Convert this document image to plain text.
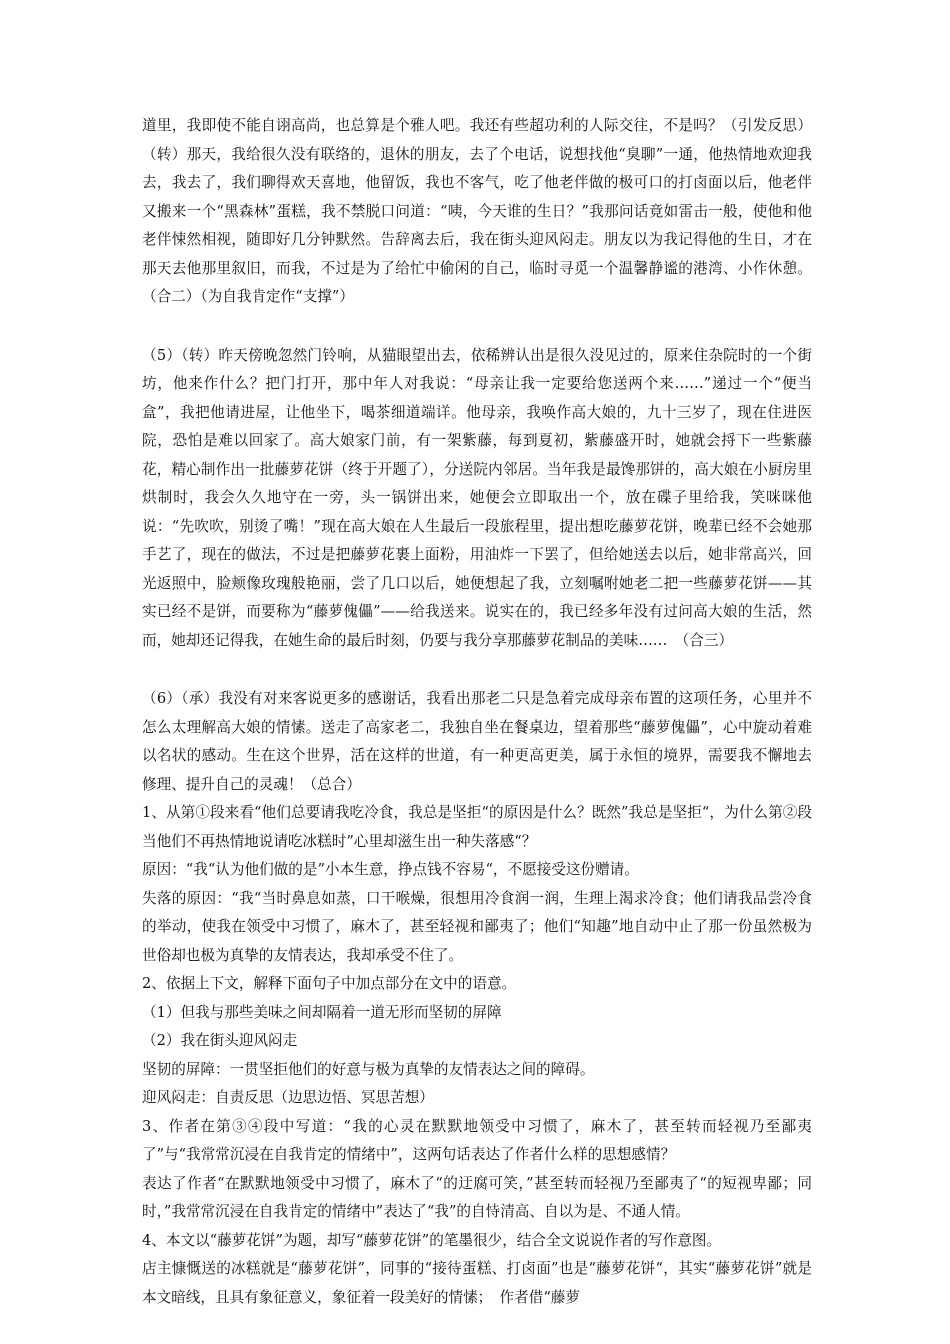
道里，我即使不能自诩高尚，也总算是个雅人吧。我还有些超功利的人际交往，不是吗？（引发反思）（转）那天，我给很久没有联络的，退休的朋友，去了个电话，说想找他“臭聊”一通，他热情地欢迎我去，我去了，我们聊得欢天喜地，他留饭，我也不客气，吃了他老伴做的极可口的打卤面以后，他老伴又搬来一个“黑森林”蛋糕，我不禁脱口问道：“咦，今天谁的生日？”我那问话竟如雷击一般，使他和他老伴悚然相视，随即好几分钟默然。告辞离去后，我在街头迎风闷走。朋友以为我记得他的生日，才在那天去他那里叙旧，而我，不过是为了给忙中偷闲的自己，临时寻觅一个温馨静谧的港湾、小作休憩。（合二）（为自我肯定作“支撑”）

（5）（转）昨天傍晚忽然门铃响，从猫眼望出去，依稀辨认出是很久没见过的，原来住杂院时的一个街坊，他来作什么？把门打开，那中年人对我说：“母亲让我一定要给您送两个来……”递过一个“便当盒”，我把他请进屋，让他坐下，喝茶细道端详。他母亲，我唤作高大娘的，九十三岁了，现在住进医院，恐怕是难以回家了。高大娘家门前，有一架紫藤，每到夏初，紫藤盛开时，她就会捋下一些紫藤花，精心制作出一批藤萝花饼（终于开题了），分送院内邻居。当年我是最馋那饼的，高大娘在小厨房里烘制时，我会久久地守在一旁，头一锅饼出来，她便会立即取出一个，放在碟子里给我，笑咪咪他说：“先吹吹，别烫了嘴！”现在高大娘在人生最后一段旅程里，提出想吃藤萝花饼，晚辈已经不会她那手艺了，现在的做法，不过是把藤萝花裹上面粉，用油炸一下罢了，但给她送去以后，她非常高兴，回光返照中，脸颊像玫瑰般艳丽，尝了几口以后，她便想起了我，立刻嘱咐她老二把一些藤萝花饼——其实已经不是饼，而要称为“藤萝傀儡”——给我送来。说实在的，我已经多年没有过问高大娘的生活，然而，她却还记得我，在她生命的最后时刻，仍要与我分享那藤萝花制品的美味……　（合三）

（6）（承）我没有对来客说更多的感谢话，我看出那老二只是急着完成母亲布置的这项任务，心里并不怎么太理解高大娘的情愫。送走了高家老二，我独自坐在餐桌边，望着那些“藤萝傀儡”，心中旋动着难以名状的感动。生在这个世界，活在这样的世道，有一种更高更美，属于永恒的境界，需要我不懈地去修理、提升自己的灵魂！（总合）

1、从第①段来看“他们总要请我吃冷食，我总是坚拒“的原因是什么？既然”我总是坚拒“，为什么第②段当他们不再热情地说请吃冰糕时”心里却滋生出一种失落感“？

原因：“我“认为他们做的是”小本生意，挣点钱不容易“，不愿接受这份赠请。

失落的原因：“我“当时鼻息如蒸，口干喉燥，很想用冷食润一润，生理上渴求冷食；他们请我品尝冷食的举动，使我在领受中习惯了，麻木了，甚至轻视和鄙夷了；他们“知趣”地自动中止了那一份虽然极为世俗却也极为真挚的友情表达，我却承受不住了。

2、依据上下文，解释下面句子中加点部分在文中的语意。

（1）但我与那些美味之间却隔着一道无形而坚韧的屏障

（2）我在街头迎风闷走

坚韧的屏障：一贯坚拒他们的好意与极为真挚的友情表达之间的障碍。

迎风闷走：自责反思（边思边悟、冥思苦想）

3、作者在第③④段中写道：“我的心灵在默默地领受中习惯了，麻木了，甚至转而轻视乃至鄙夷了”与“我常常沉浸在自我肯定的情绪中”，这两句话表达了作者什么样的思想感情？

表达了作者“在默默地领受中习惯了，麻木了“的迂腐可笑，”甚至转而轻视乃至鄙夷了“的短视卑鄙；同时，”我常常沉浸在自我肯定的情绪中”表达了“我”的自恃清高、自以为是、不通人情。

4、本文以“藤萝花饼”为题，却写“藤萝花饼”的笔墨很少，结合全文说说作者的写作意图。

店主慷慨送的冰糕就是“藤萝花饼”，同事的“接待蛋糕、打卤面”也是“藤萝花饼“，其实“藤萝花饼”就是本文暗线，且具有象征意义，象征着一段美好的情愫；　作者借“藤萝
